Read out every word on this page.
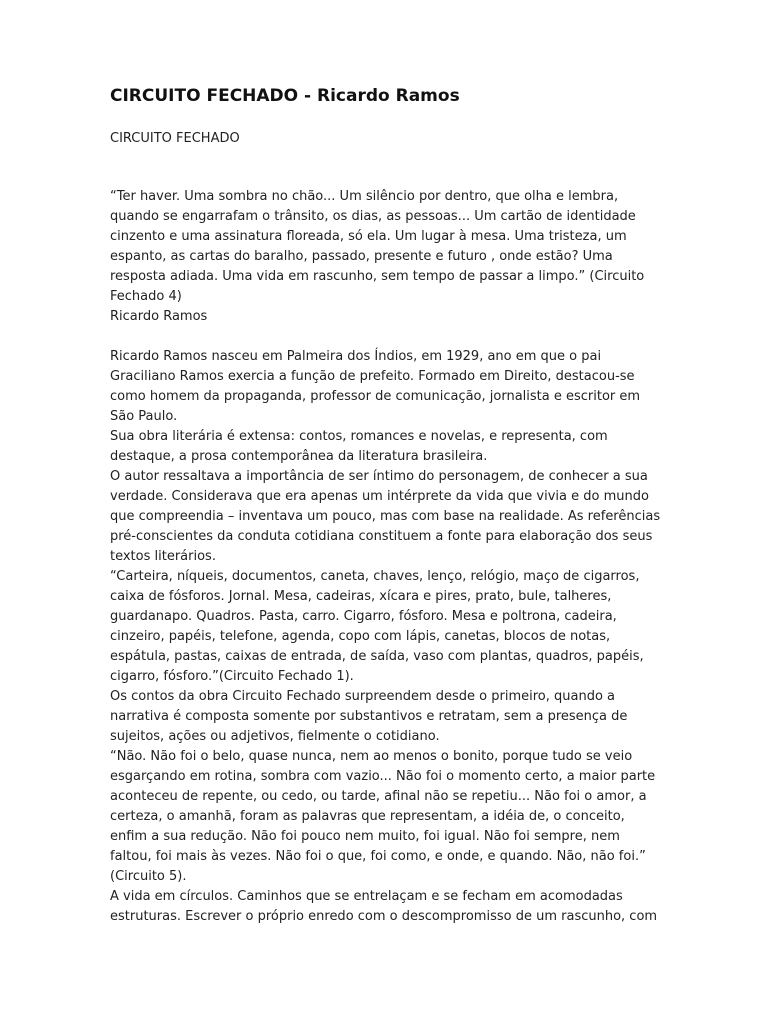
CIRCUITO FECHADO - Ricardo Ramos
CIRCUITO FECHADO
“Ter haver. Uma sombra no chão... Um silêncio por dentro, que olha e lembra,
quando se engarrafam o trânsito, os dias, as pessoas... Um cartão de identidade
cinzento e uma assinatura floreada, só ela. Um lugar à mesa. Uma tristeza, um
espanto, as cartas do baralho, passado, presente e futuro , onde estão? Uma
resposta adiada. Uma vida em rascunho, sem tempo de passar a limpo.” (Circuito
Fechado 4)
Ricardo Ramos
Ricardo Ramos nasceu em Palmeira dos Índios, em 1929, ano em que o pai
Graciliano Ramos exercia a função de prefeito. Formado em Direito, destacou-se
como homem da propaganda, professor de comunicação, jornalista e escritor em
São Paulo.
Sua obra literária é extensa: contos, romances e novelas, e representa, com
destaque, a prosa contemporânea da literatura brasileira.
O autor ressaltava a importância de ser íntimo do personagem, de conhecer a sua
verdade. Considerava que era apenas um intérprete da vida que vivia e do mundo
que compreendia – inventava um pouco, mas com base na realidade. As referências
pré-conscientes da conduta cotidiana constituem a fonte para elaboração dos seus
textos literários.
“Carteira, níqueis, documentos, caneta, chaves, lenço, relógio, maço de cigarros,
caixa de fósforos. Jornal. Mesa, cadeiras, xícara e pires, prato, bule, talheres,
guardanapo. Quadros. Pasta, carro. Cigarro, fósforo. Mesa e poltrona, cadeira,
cinzeiro, papéis, telefone, agenda, copo com lápis, canetas, blocos de notas,
espátula, pastas, caixas de entrada, de saída, vaso com plantas, quadros, papéis,
cigarro, fósforo.”(Circuito Fechado 1).
Os contos da obra Circuito Fechado surpreendem desde o primeiro, quando a
narrativa é composta somente por substantivos e retratam, sem a presença de
sujeitos, ações ou adjetivos, fielmente o cotidiano.
“Não. Não foi o belo, quase nunca, nem ao menos o bonito, porque tudo se veio
esgarçando em rotina, sombra com vazio... Não foi o momento certo, a maior parte
aconteceu de repente, ou cedo, ou tarde, afinal não se repetiu... Não foi o amor, a
certeza, o amanhã, foram as palavras que representam, a idéia de, o conceito,
enfim a sua redução. Não foi pouco nem muito, foi igual. Não foi sempre, nem
faltou, foi mais às vezes. Não foi o que, foi como, e onde, e quando. Não, não foi.”
(Circuito 5).
A vida em círculos. Caminhos que se entrelaçam e se fecham em acomodadas
estruturas. Escrever o próprio enredo com o descompromisso de um rascunho, com
